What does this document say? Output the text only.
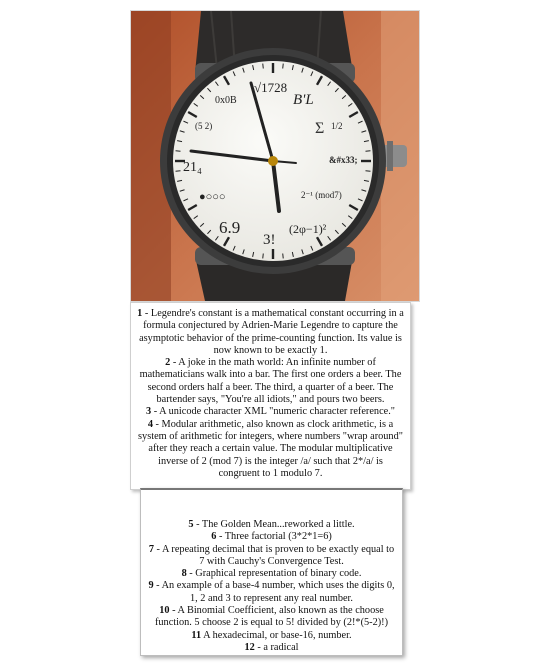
√1728
0x0B	B'L
1/2
&#x33;
2⁻¹ (mod7)
(2φ−1)²
3!
6.9
21₄
●○○○
(5 2)	Σ
1 - Legendre's constant is a mathematical constant occurring in a formula conjectured by Adrien-Marie Legendre to capture the asymptotic behavior of the prime-counting function. Its value is now known to be exactly 1.
2 - A joke in the math world: An infinite number of mathematicians walk into a bar. The first one orders a beer. The second orders half a beer. The third, a quarter of a beer. The bartender says, "You're all idiots," and pours two beers.
3 - A unicode character XML "numeric character reference."
4 - Modular arithmetic, also known as clock arithmetic, is a system of arithmetic for integers, where numbers "wrap around" after they reach a certain value. The modular multiplicative inverse of 2 (mod 7) is the integer /a/ such that 2*/a/ is congruent to 1 modulo 7.
5 - The Golden Mean...reworked a little.
6 - Three factorial (3*2*1=6)
7 - A repeating decimal that is proven to be exactly equal to 7 with Cauchy's Convergence Test.
8 - Graphical representation of binary code.
9 - An example of a base-4 number, which uses the digits 0, 1, 2 and 3 to represent any real number.
10 - A Binomial Coefficient, also known as the choose function. 5 choose 2 is equal to 5! divided by (2!*(5-2)!)
11 A hexadecimal, or base-16, number.
12 - a radical
